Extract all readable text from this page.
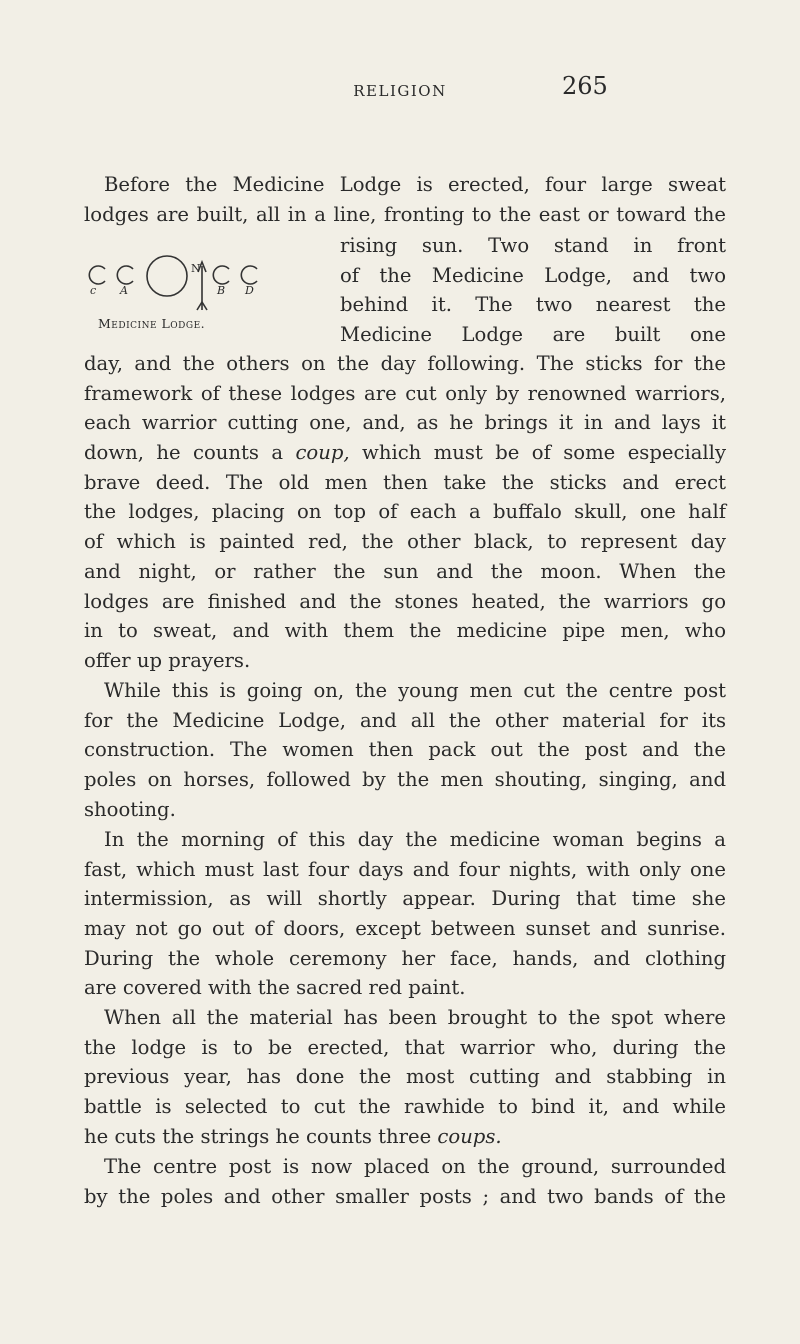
RELIGION	265
Before the Medicine Lodge is erected, four large sweat
lodges are built, all in a line, fronting to the east or toward the
N
c A	B D
Medicine Lodge.
rising sun. Two stand in front
of the Medicine Lodge, and two
behind it. The two nearest the
Medicine Lodge are built one
day, and the others on the day following. The sticks for the
framework of these lodges are cut only by renowned warriors,
each warrior cutting one, and, as he brings it in and lays it
down, he counts a coup, which must be of some especially
brave deed. The old men then take the sticks and erect
the lodges, placing on top of each a buffalo skull, one half
of which is painted red, the other black, to represent day
and night, or rather the sun and the moon. When the
lodges are finished and the stones heated, the warriors go
in to sweat, and with them the medicine pipe men, who
offer up prayers.
While this is going on, the young men cut the centre post
for the Medicine Lodge, and all the other material for its
construction. The women then pack out the post and the
poles on horses, followed by the men shouting, singing, and
shooting.
In the morning of this day the medicine woman begins a
fast, which must last four days and four nights, with only one
intermission, as will shortly appear. During that time she
may not go out of doors, except between sunset and sunrise.
During the whole ceremony her face, hands, and clothing
are covered with the sacred red paint.
When all the material has been brought to the spot where
the lodge is to be erected, that warrior who, during the
previous year, has done the most cutting and stabbing in
battle is selected to cut the rawhide to bind it, and while
he cuts the strings he counts three coups.
The centre post is now placed on the ground, surrounded
by the poles and other smaller posts ; and two bands of the
